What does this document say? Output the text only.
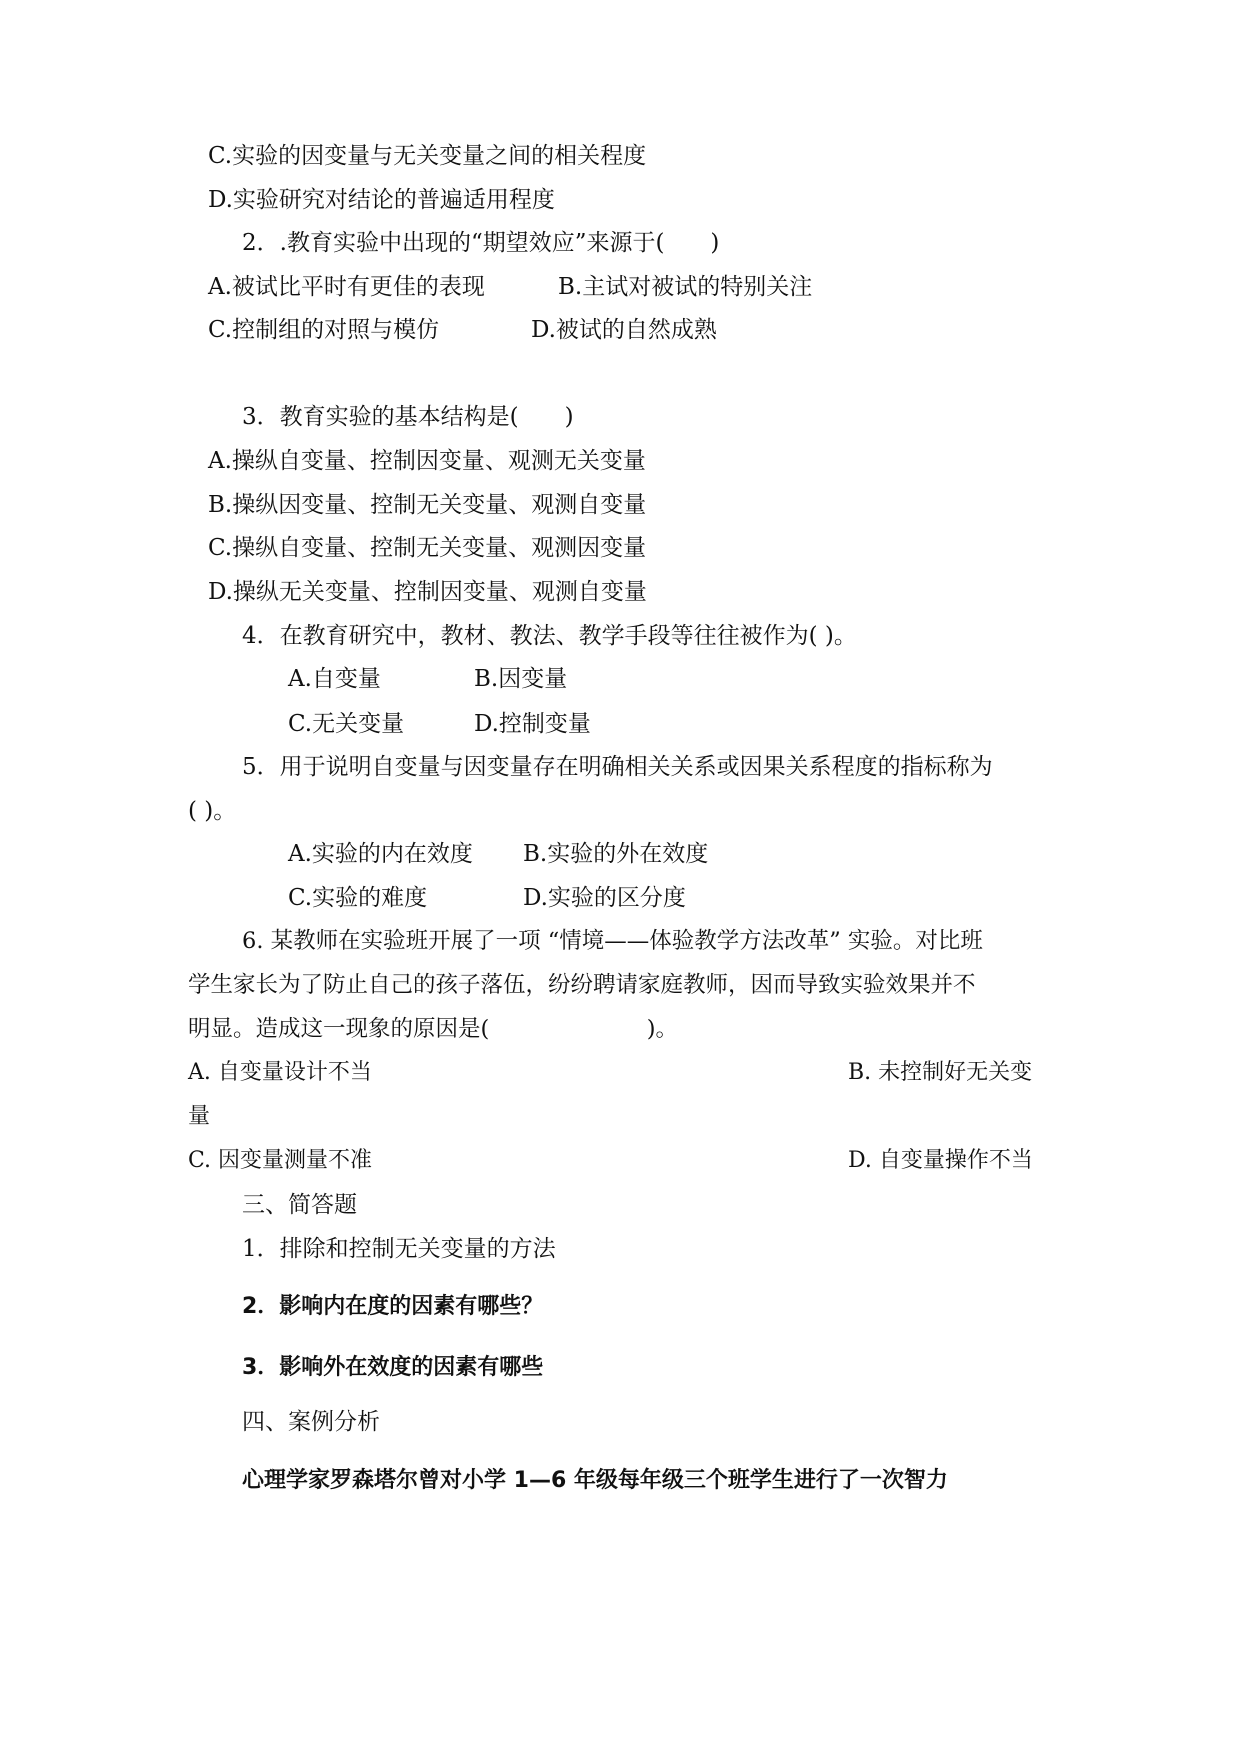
C.实验的因变量与无关变量之间的相关程度
D.实验研究对结论的普遍适用程度
2．.教育实验中出现的“期望效应”来源于(　　)
A.被试比平时有更佳的表现	B.主试对被试的特别关注
C.控制组的对照与模仿	D.被试的自然成熟
3．教育实验的基本结构是(　　)
A.操纵自变量、控制因变量、观测无关变量
B.操纵因变量、控制无关变量、观测自变量
C.操纵自变量、控制无关变量、观测因变量
D.操纵无关变量、控制因变量、观测自变量
4．在教育研究中，教材、教法、教学手段等往往被作为( )。
A.自变量	B.因变量
C.无关变量	D.控制变量
5．用于说明自变量与因变量存在明确相关关系或因果关系程度的指标称为
( )。
A.实验的内在效度 B.实验的外在效度
C.实验的难度	D.实验的区分度
6. 某教师在实验班开展了一项 “情境——体验教学方法改革” 实验。对比班
学生家长为了防止自己的孩子落伍，纷纷聘请家庭教师，因而导致实验效果并不
明显。造成这一现象的原因是(　　　　　　　)。
A. 自变量设计不当	B. 未控制好无关变
量
C. 因变量测量不准	D. 自变量操作不当
三、简答题
1．排除和控制无关变量的方法
2．影响内在度的因素有哪些？
3．影响外在效度的因素有哪些
四、案例分析
心理学家罗森塔尔曾对小学 1—6 年级每年级三个班学生进行了一次智力
